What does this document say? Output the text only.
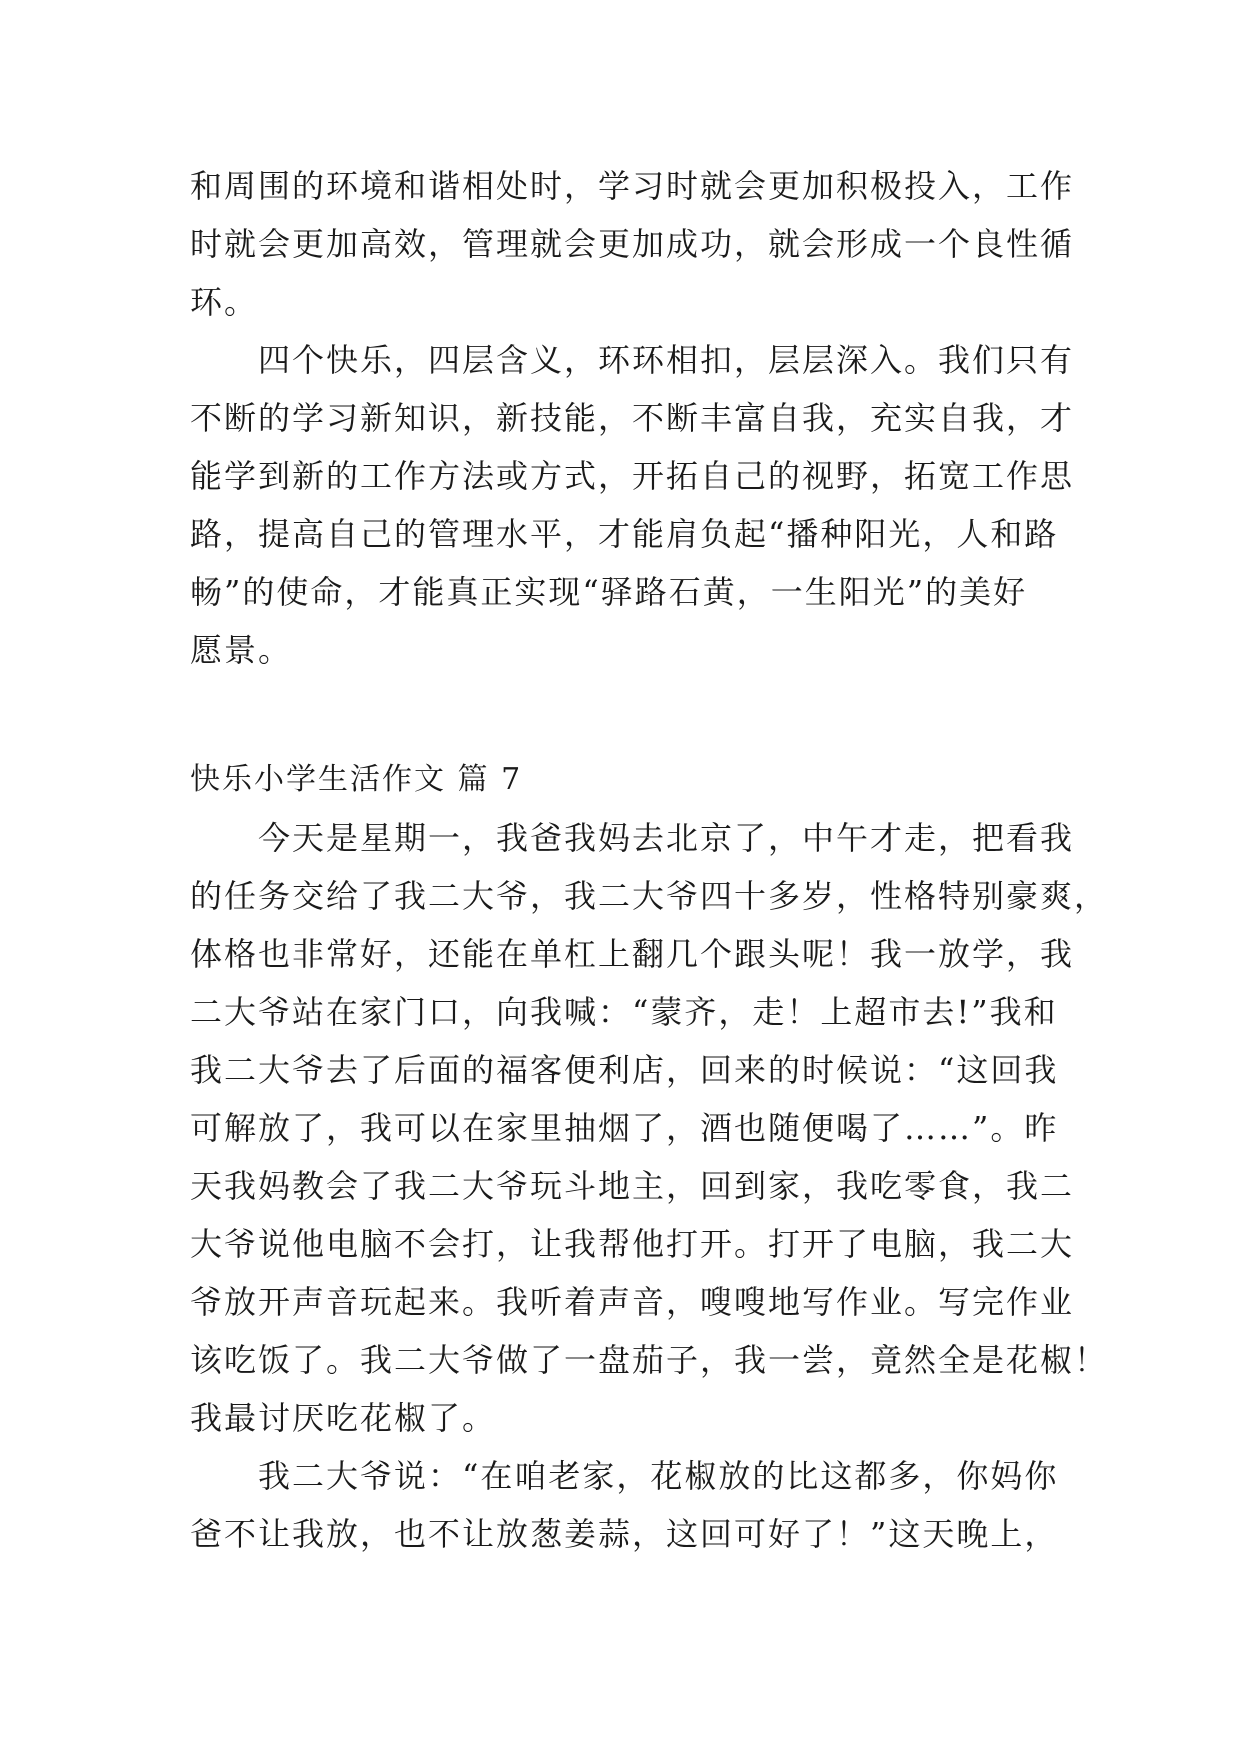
和周围的环境和谐相处时，学习时就会更加积极投入，工作
时就会更加高效，管理就会更加成功，就会形成一个良性循
环。
　　四个快乐，四层含义，环环相扣，层层深入。我们只有
不断的学习新知识，新技能，不断丰富自我，充实自我，才
能学到新的工作方法或方式，开拓自己的视野，拓宽工作思
路，提高自己的管理水平，才能肩负起“播种阳光，人和路
畅”的使命，才能真正实现“驿路石黄，一生阳光”的美好
愿景。
快乐小学生活作文 篇 7
　　今天是星期一，我爸我妈去北京了，中午才走，把看我
的任务交给了我二大爷，我二大爷四十多岁，性格特别豪爽，
体格也非常好，还能在单杠上翻几个跟头呢！我一放学，我
二大爷站在家门口，向我喊：“蒙齐，走！上超市去!”我和
我二大爷去了后面的福客便利店，回来的时候说：“这回我
可解放了，我可以在家里抽烟了，酒也随便喝了……”。昨
天我妈教会了我二大爷玩斗地主，回到家，我吃零食，我二
大爷说他电脑不会打，让我帮他打开。打开了电脑，我二大
爷放开声音玩起来。我听着声音，嗖嗖地写作业。写完作业
该吃饭了。我二大爷做了一盘茄子，我一尝，竟然全是花椒！
我最讨厌吃花椒了。
　　我二大爷说：“在咱老家，花椒放的比这都多，你妈你
爸不让我放，也不让放葱姜蒜，这回可好了！”这天晚上，
